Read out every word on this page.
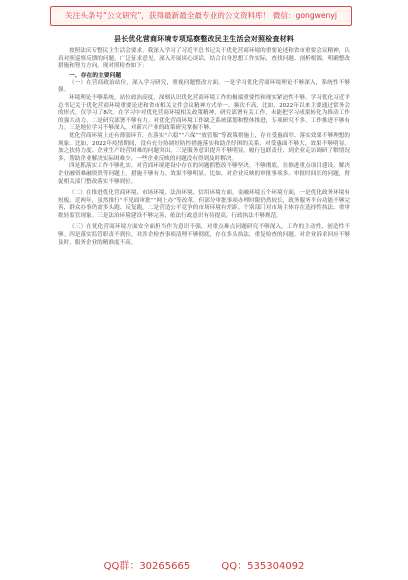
关注头条号“公文研究”，获得最新最全最专业的公文资料库！ 微信：gongwenyj
县长优化营商环境专项巡察整改民主生活会对照检查材料

按照法庆专整民主生活会要求，我深入学习了习近平总书记关于优化营商环境的重要论述和省市重要会议精神，认真对照巡察反馈的问题，广泛征求意见，深入开展谈心谈话，结合自身思想工作实际，查找问题、剖析根源，明确整改措施和努力方向，现对照检查如下：

一、存在的主要问题

（一）在营商政治站位，深入学习研究，重视问题整改方面。一是学习优化营商环境理论不够深入，系统性不够强。

环境理论不够系统，站位政治高度，深刻认识优化营商环境工作的极端重要性和现实紧迫性不够。学习优化习近平总书记关于优化营商环境重要论述和省市相关文件会议精神方式单一、频次不高，比如，2022年以来主要通过常务会的形式，仅学习了8次。在学习中对优化营商环境相关政策精神，研究部署有关工作，未能把学习成果转化为推动工作的强大动力。二是研究部署不够有力。对优化营商环境工作缺乏系统谋划和整体推进，专项研究不多，工作推进不够有力。三是地位学习不够深入，对新兴产业的政策研究掌握不够。

优化营商环境上还有薄弱环节，在落实“六稳”“六保”“放管服”等政策措施上，存在受惠面窄、落实效果不够理想的现象。比如，2022年疫情期间，没有充分协调好防控措施落实和助企纾困的关系，对受惠面不够大、效果不够明显。加之扶持力度、企业生产经营困难的问题突出。三是服务意识提升不够明显，履行包联责任，到企业走访调研了解情况多，帮助企业解决实际困难少，一些企业反映的问题没有得到及时解决。

四是抓落实工作不够扎实。对营商环境建设中存在的问题抓整改不够坚决、不够彻底。在推进重点项目建设、解决企业融资难融资贵等问题上，措施不够有力、效果不够明显。比如，对企业反映的审批事项多、审批时间长的问题，督促相关部门整改落实不够到位。

（二）在推进优化营商环境、市场环境、法治环境、信用环境方面。金融环境五个环境方面，一是优化政务环境有短板。近两年，虽然推行“不见面审批”“网上办”等改革，但部分审批事项办理时限仍然较长，政务服务平台功能不够完善，群众办事仍需多头跑、反复跑。二是营造公平竞争的市场环境有差距。个别部门对市场主体存在选择性执法、重审批轻监管现象。三是法治环境建设不够完善，依法行政意识有待提高，行政执法不够规范。

（三）在优化营商环境方面安全面担当作为意识不强，对重点难点问题研究不够深入，工作的主动性、创造性不够。四是落实监管职责不到位，对涉企检查事项清理不够彻底，存在多头执法、重复检查的问题。对企业诉求回应不够及时，服务企业的精准度不高。

QQ群：30265665	QQ：535304092
